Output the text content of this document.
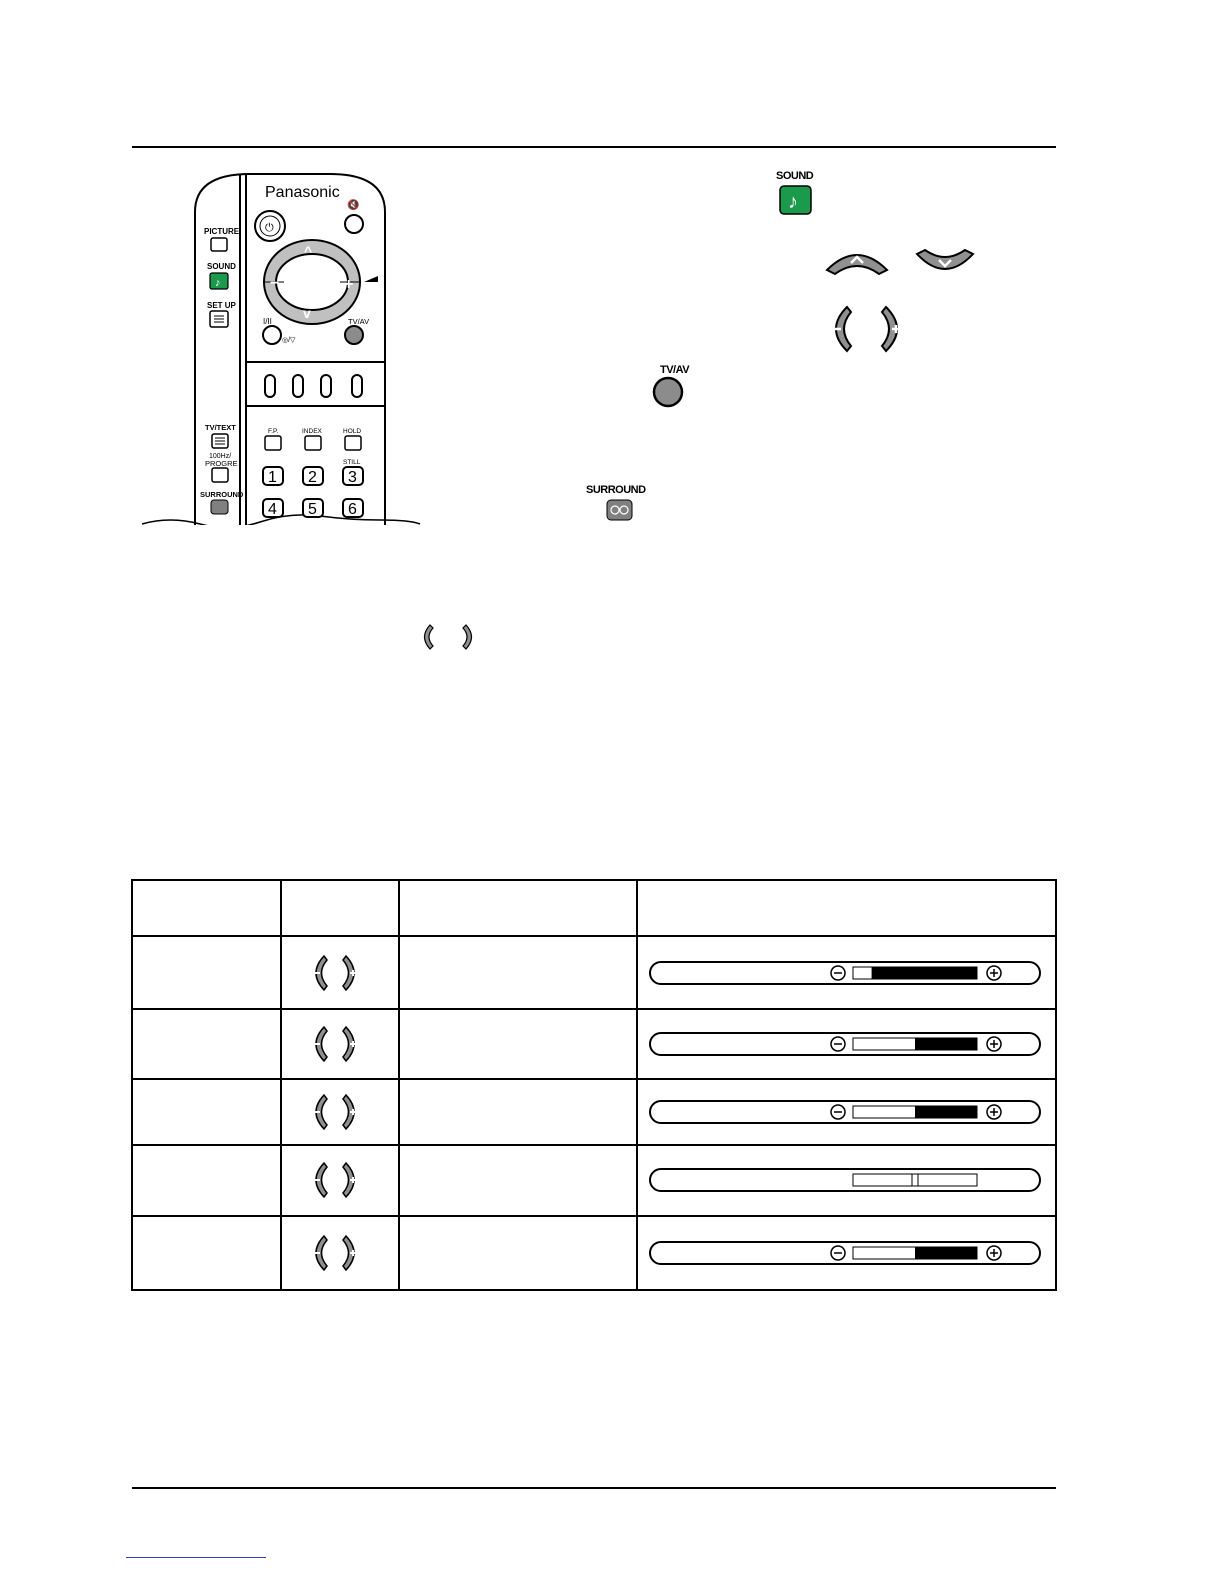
Panasonic
⏻
🔇
−	+
^
v
PICTURE
SOUND
♪
SET UP
TV/TEXT
100Hz/
PROGRE
SURROUND
I/II
◎/▽
TV/AV
F.P.	INDEX	HOLD
STILL
1 2 3
4 5 6
SOUND
♪
TV/AV
SURROUND
